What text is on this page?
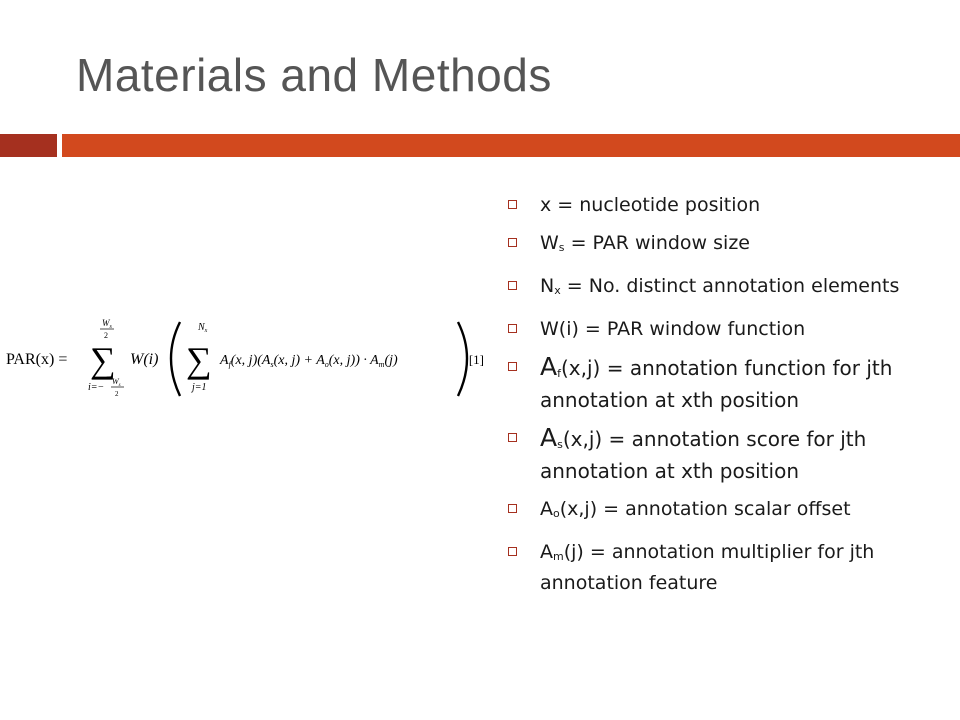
Materials and Methods
PAR(x) =
$W_s$
2
∑
i=−
$W_s$
2
W(i)
$N_x$
∑
j=1
$A_f(x$, $j)(A_s(x$, $j) + A_o(x$, $j)) \cdot A_m(j)$	[1]
x = nucleotide position
Ws = PAR window size
Nx = No. distinct annotation elements
W(i) = PAR window function
Af(x,j) = annotation function for jth annotation at xth position
As(x,j) = annotation score for jth annotation at xth position
Ao(x,j) = annotation scalar offset
Am(j) = annotation multiplier for jth annotation feature
